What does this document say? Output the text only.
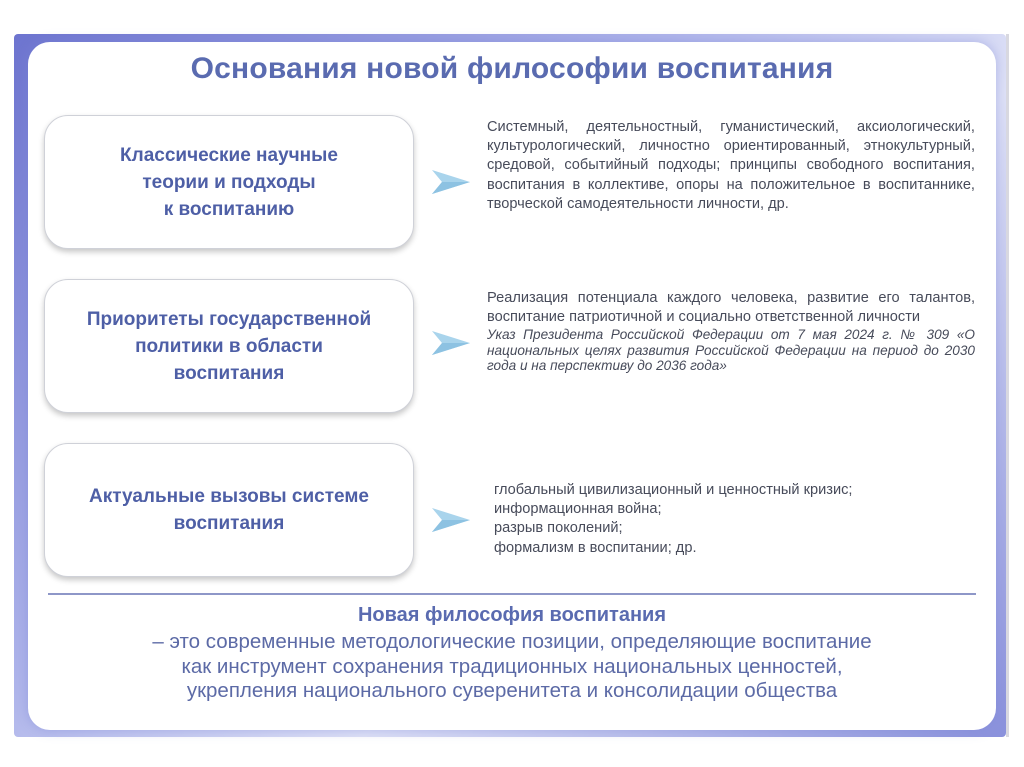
Основания новой философии воспитания
Классические научные
теории и подходы
к воспитанию
Системный, деятельностный, гуманистический, аксиологический, культурологический, личностно ориентированный, этнокультурный, средовой, событийный подходы; принципы свободного воспитания, воспитания в коллективе, опоры на положительное в воспитаннике, творческой самодеятельности личности, др.
Приоритеты государственной
политики в области
воспитания
Реализация потенциала каждого человека, развитие его талантов, воспитание патриотичной и социально ответственной личности
Указ Президента Российской Федерации от 7 мая 2024 г. № 309 «О национальных целях развития Российской Федерации на период до 2030 года и на перспективу до 2036 года»
Актуальные вызовы системе
воспитания
глобальный цивилизационный и ценностный кризис;
информационная война;
разрыв поколений;
формализм в воспитании; др.
Новая философия воспитания
– это современные методологические позиции, определяющие воспитание
как инструмент сохранения традиционных национальных ценностей,
укрепления национального суверенитета и консолидации общества
